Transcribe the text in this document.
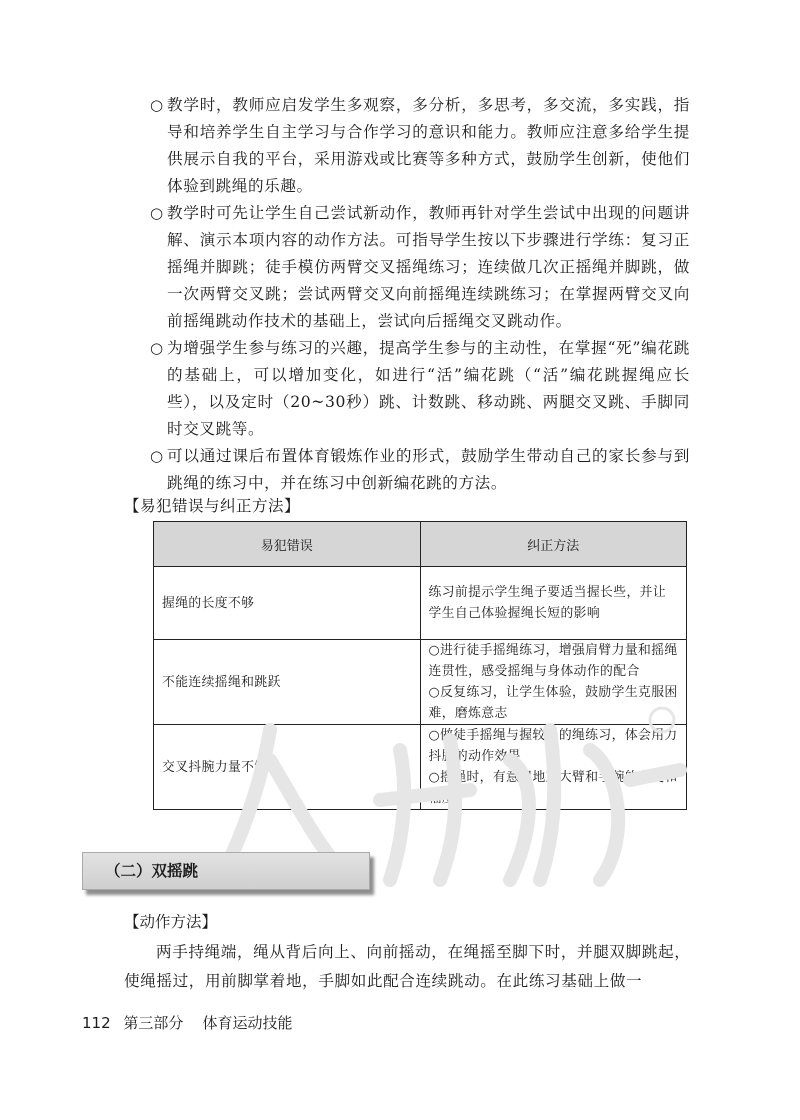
○ 教学时，教师应启发学生多观察，多分析，多思考，多交流，多实践，指导和培养学生自主学习与合作学习的意识和能力。教师应注意多给学生提供展示自我的平台，采用游戏或比赛等多种方式，鼓励学生创新，使他们体验到跳绳的乐趣。

○ 教学时可先让学生自己尝试新动作，教师再针对学生尝试中出现的问题讲解、演示本项内容的动作方法。可指导学生按以下步骤进行学练：复习正摇绳并脚跳；徒手模仿两臂交叉摇绳练习；连续做几次正摇绳并脚跳，做一次两臂交叉跳；尝试两臂交叉向前摇绳连续跳练习；在掌握两臂交叉向前摇绳跳动作技术的基础上，尝试向后摇绳交叉跳动作。

○ 为增强学生参与练习的兴趣，提高学生参与的主动性，在掌握“死”编花跳的基础上，可以增加变化，如进行“活”编花跳（“活”编花跳握绳应长些），以及定时（20~30秒）跳、计数跳、移动跳、两腿交叉跳、手脚同时交叉跳等。

○ 可以通过课后布置体育锻炼作业的形式，鼓励学生带动自己的家长参与到跳绳的练习中，并在练习中创新编花跳的方法。

【易犯错误与纠正方法】
易犯错误	纠正方法
握绳的长度不够	练习前提示学生绳子要适当握长些，并让学生自己体验握绳长短的影响

不能连续摇绳和跳跃	○进行徒手摇绳练习，增强肩臂力量和摇绳连贯性，感受摇绳与身体动作的配合
○反复练习，让学生体验，鼓励学生克服困难，磨炼意志

交叉抖腕力量不够	○做徒手摇绳与握较长的绳练习，体会用力抖腕的动作效果
○摇绳时，有意识地加大臂和手腕的力度和幅度
（二）双摇跳
【动作方法】

两手持绳端，绳从背后向上、向前摇动，在绳摇至脚下时，并腿双脚跳起，使绳摇过，用前脚掌着地，手脚如此配合连续跳动。在此练习基础上做一

112 第三部分 体育运动技能
